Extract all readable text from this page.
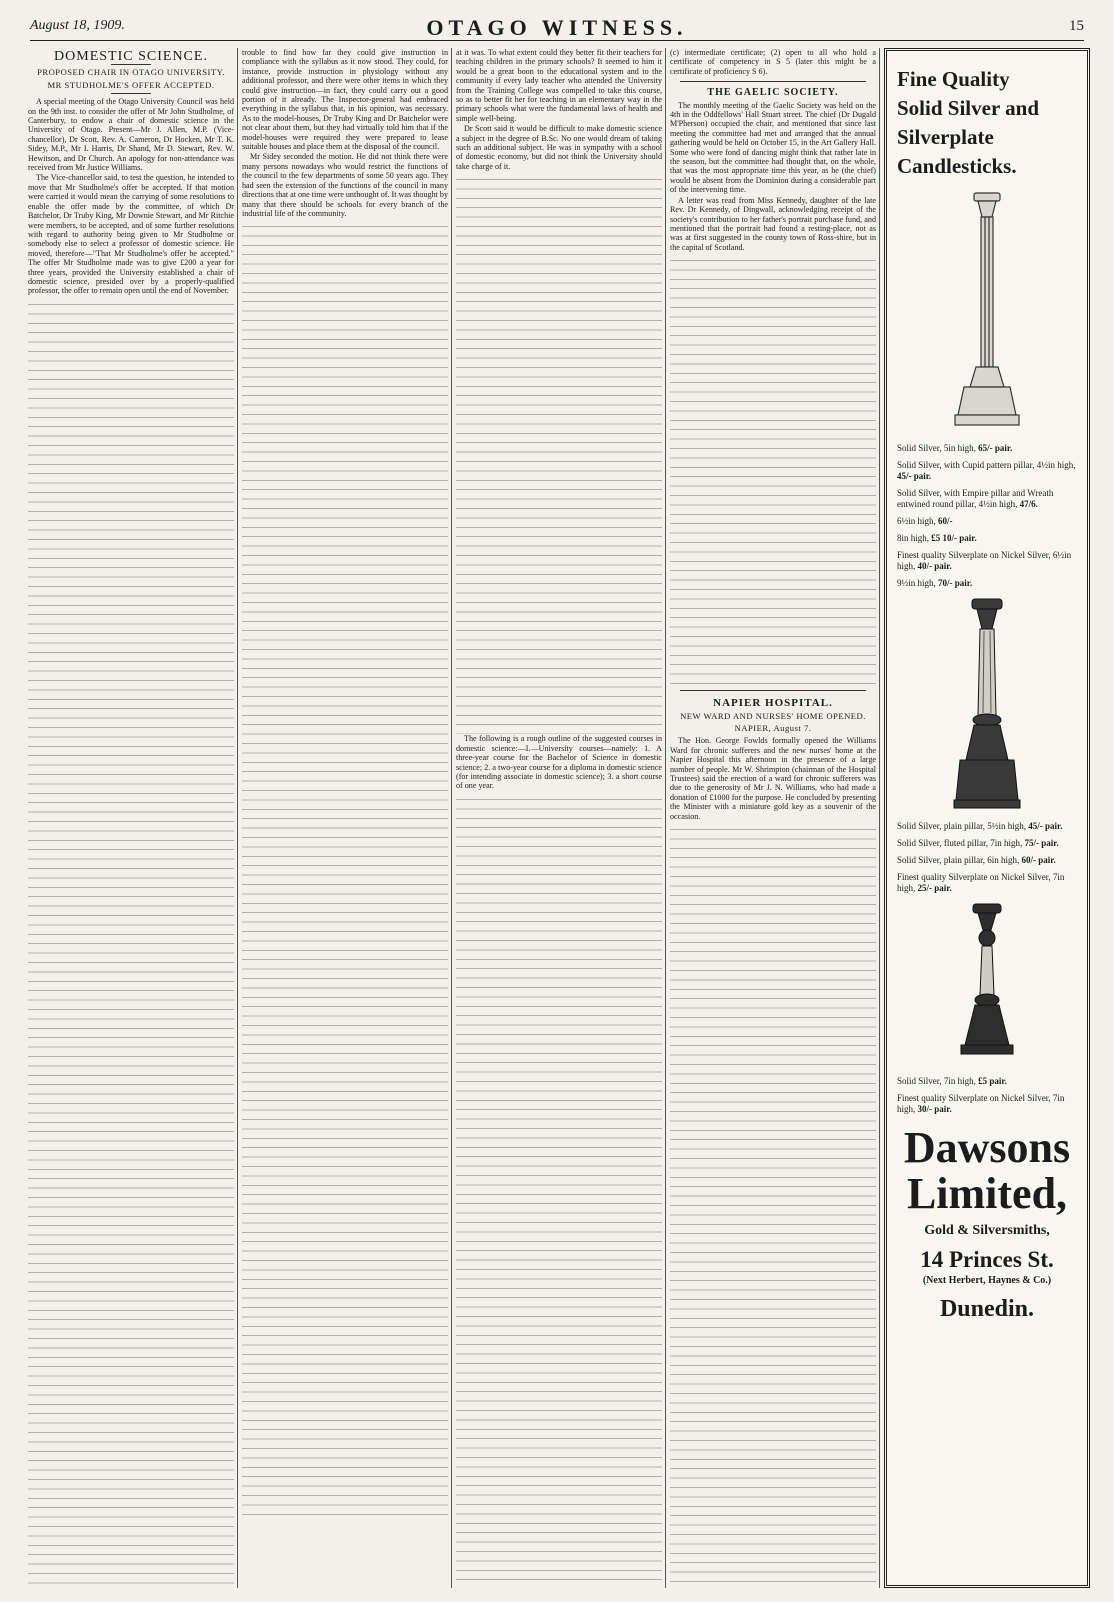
August 18, 1909.	OTAGO WITNESS.	15
DOMESTIC SCIENCE.
PROPOSED CHAIR IN OTAGO UNIVERSITY.
MR STUDHOLME'S OFFER ACCEPTED.

A special meeting of the Otago University Council was held on the 9th inst. to consider the offer of Mr John Studholme, of Canterbury, to endow a chair of domestic science in the University of Otago. Present—Mr J. Allen, M.P. (Vice-chancellor), Dr Scott, Rev. A. Cameron, Dr Hocken, Mr T. K. Sidey, M.P., Mr I. Harris, Dr Shand, Mr D. Stewart, Rev. W. Hewitson, and Dr Church. An apology for non-attendance was received from Mr Justice Williams.

The Vice-chancellor said, to test the question, he intended to move that Mr Studholme's offer be accepted. If that motion were carried it would mean the carrying of some resolutions to enable the offer made by the committee, of which Dr Batchelor, Dr Truby King, Mr Downie Stewart, and Mr Ritchie were members, to be accepted, and of some further resolutions with regard to authority being given to Mr Studholme or somebody else to select a professor of domestic science. He moved, therefore—"That Mr Studholme's offer be accepted." The offer Mr Studholme made was to give £200 a year for three years, provided the University established a chair of domestic science, presided over by a properly-qualified professor, the offer to remain open until the end of November.

trouble to find how far they could give instruction in compliance with the syllabus as it now stood. They could, for instance, provide instruction in physiology without any additional professor, and there were other items in which they could give instruction—in fact, they could carry out a good portion of it already. The Inspector-general had embraced everything in the syllabus that, in his opinion, was necessary. As to the model-houses, Dr Truby King and Dr Batchelor were not clear about them, but they had virtually told him that if the model-houses were required they were prepared to lease suitable houses and place them at the disposal of the council.

Mr Sidey seconded the motion. He did not think there were many persons nowadays who would restrict the functions of the council to the few departments of some 50 years ago. They had seen the extension of the functions of the council in many directions that at one time were unthought of. It was thought by many that there should be schools for every branch of the industrial life of the community.

at it was. To what extent could they better fit their teachers for teaching children in the primary schools? It seemed to him it would be a great boon to the educational system and to the community if every lady teacher who attended the University from the Training College was compelled to take this course, so as to better fit her for teaching in an elementary way in the primary schools what were the fundamental laws of health and simple well-being.

Dr Scott said it would be difficult to make domestic science a subject in the degree of B.Sc. No one would dream of taking such an additional subject. He was in sympathy with a school of domestic economy, but did not think the University should take charge of it.

The following is a rough outline of the suggested courses in domestic science:—I.—University courses—namely: 1. A three-year course for the Bachelor of Science in domestic science; 2. a two-year course for a diploma in domestic science (for intending associate in domestic science); 3. a short course of one year.

(c) intermediate certificate; (2) open to all who hold a certificate of competency in S 5 (later this might be a certificate of proficiency S 6).

THE GAELIC SOCIETY.

The monthly meeting of the Gaelic Society was held on the 4th in the Oddfellows' Hall Stuart street. The chief (Dr Dugald M'Pherson) occupied the chair, and mentioned that since last meeting the committee had met and arranged that the annual gathering would be held on October 15, in the Art Gallery Hall. Some who were fond of dancing might think that rather late in the season, but the committee had thought that, on the whole, that was the most appropriate time this year, as he (the chief) would be absent from the Dominion during a considerable part of the intervening time.

A letter was read from Miss Kennedy, daughter of the late Rev. Dr Kennedy, of Dingwall, acknowledging receipt of the society's contribution to her father's portrait purchase fund, and mentioned that the portrait had found a resting-place, not as was at first suggested in the county town of Ross-shire, but in the capital of Scotland.

NAPIER HOSPITAL.
NEW WARD AND NURSES' HOME OPENED.
NAPIER, August 7.

The Hon. George Fowlds formally opened the Williams Ward for chronic sufferers and the new nurses' home at the Napier Hospital this afternoon in the presence of a large number of people. Mr W. Shrimpton (chairman of the Hospital Trustees) said the erection of a ward for chronic sufferers was due to the generosity of Mr J. N. Williams, who had made a donation of £1000 for the purpose. He concluded by presenting the Minister with a miniature gold key as a souvenir of the occasion.

Fine Quality
Solid Silver and
Silverplate
Candlesticks.
Solid Silver, 5in high, 65/- pair.
Solid Silver, with Cupid pattern pillar, 4½in high, 45/- pair.
Solid Silver, with Empire pillar and Wreath entwined round pillar, 4½in high, 47/6.
6½in high, 60/-
8in high, £5 10/- pair.
Finest quality Silverplate on Nickel Silver, 6½in high, 40/- pair.
9½in high, 70/- pair.
Solid Silver, plain pillar, 5½in high, 45/- pair.
Solid Silver, fluted pillar, 7in high, 75/- pair.
Solid Silver, plain pillar, 6in high, 60/- pair.
Finest quality Silverplate on Nickel Silver, 7in high, 25/- pair.
Solid Silver, 7in high, £5 pair.
Finest quality Silverplate on Nickel Silver, 7in high, 30/- pair.
Dawsons Limited,
Gold & Silversmiths,
14 Princes St.
(Next Herbert, Haynes & Co.)
Dunedin.
